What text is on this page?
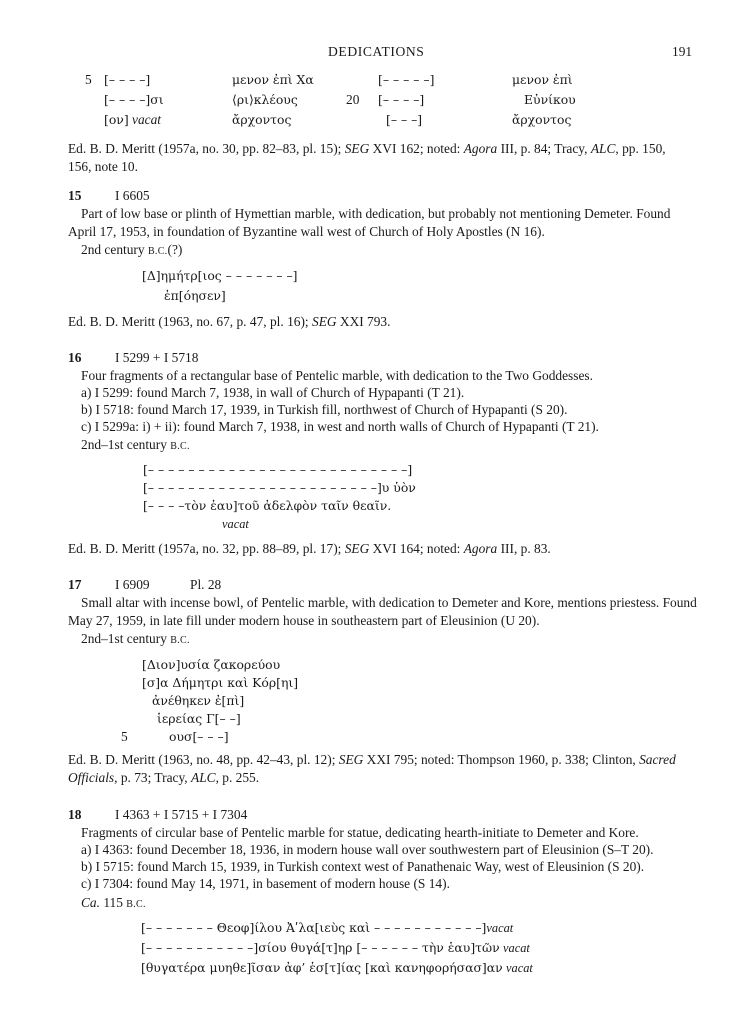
DEDICATIONS	191
5 [– – – –]	μενον ἐπὶ Χα	[– – – – –]	μενον ἐπὶ
[– – – –]σι	⟨ρι⟩κλέους	20 [– – – –]	Εὐνίκου
[ον] vacat	ἄρχοντος	[– – –]	ἄρχοντος
Ed. B. D. Meritt (1957a, no. 30, pp. 82–83, pl. 15); SEG XVI 162; noted: Agora III, p. 84; Tracy, ALC, pp. 150,
156, note 10.
15	I 6605
Part of low base or plinth of Hymettian marble, with dedication, but probably not mentioning Demeter. Found
April 17, 1953, in foundation of Byzantine wall west of Church of Holy Apostles (N 16).
2nd century B.C.(?)
[Δ]ημήτρ[ιος – – – – – – –]
ἐπ[όησεν]
Ed. B. D. Meritt (1963, no. 67, p. 47, pl. 16); SEG XXI 793.
16	I 5299 + I 5718
Four fragments of a rectangular base of Pentelic marble, with dedication to the Two Goddesses.
a) I 5299: found March 7, 1938, in wall of Church of Hypapanti (T 21).
b) I 5718: found March 17, 1939, in Turkish fill, northwest of Church of Hypapanti (S 20).
c) I 5299a: i) + ii): found March 7, 1938, in west and north walls of Church of Hypapanti (T 21).
2nd–1st century B.C.
[– – – – – – – – – – – – – – – – – – – – – – – – – –]
[– – – – – – – – – – – – – – – – – – – – – – –]υ ὑὸν
[– – – –τὸν ἑαυ]τοῦ ἀδελφὸν ταῖν θεαῖν.
vacat
Ed. B. D. Meritt (1957a, no. 32, pp. 88–89, pl. 17); SEG XVI 164; noted: Agora III, p. 83.
17	I 6909	Pl. 28
Small altar with incense bowl, of Pentelic marble, with dedication to Demeter and Kore, mentions priestess. Found
May 27, 1959, in late fill under modern house in southeastern part of Eleusinion (U 20).
2nd–1st century B.C.
[Διον]υσία ζακορεύου
[σ]α Δήμητρι καὶ Κόρ[ηι]
ἀνέθηκεν ἐ[πὶ]
ἱερείας Γ[– –]
5	ουσ[– – –]
Ed. B. D. Meritt (1963, no. 48, pp. 42–43, pl. 12); SEG XXI 795; noted: Thompson 1960, p. 338; Clinton, Sacred
Officials, p. 73; Tracy, ALC, p. 255.
18	I 4363 + I 5715 + I 7304
Fragments of circular base of Pentelic marble for statue, dedicating hearth-initiate to Demeter and Kore.
a) I 4363: found December 18, 1936, in modern house wall over southwestern part of Eleusinion (S–T 20).
b) I 5715: found March 15, 1939, in Turkish context west of Panathenaic Way, west of Eleusinion (S 20).
c) I 7304: found May 14, 1971, in basement of modern house (S 14).
Ca. 115 B.C.
[– – – – – – – Θεοφ]ίλου Ἀʹλα[ιεὺς καὶ – – – – – – – – – – –]vacat
[– – – – – – – – – – –]σίου θυγά[τ]ηρ [– – – – – – τὴν ἑαυ]τῶν vacat
[θυγατέρα μυηθε]ῖσαν ἀφ’ ἑσ[τ]ίας [καὶ κανηφορήσασ]αν vacat
